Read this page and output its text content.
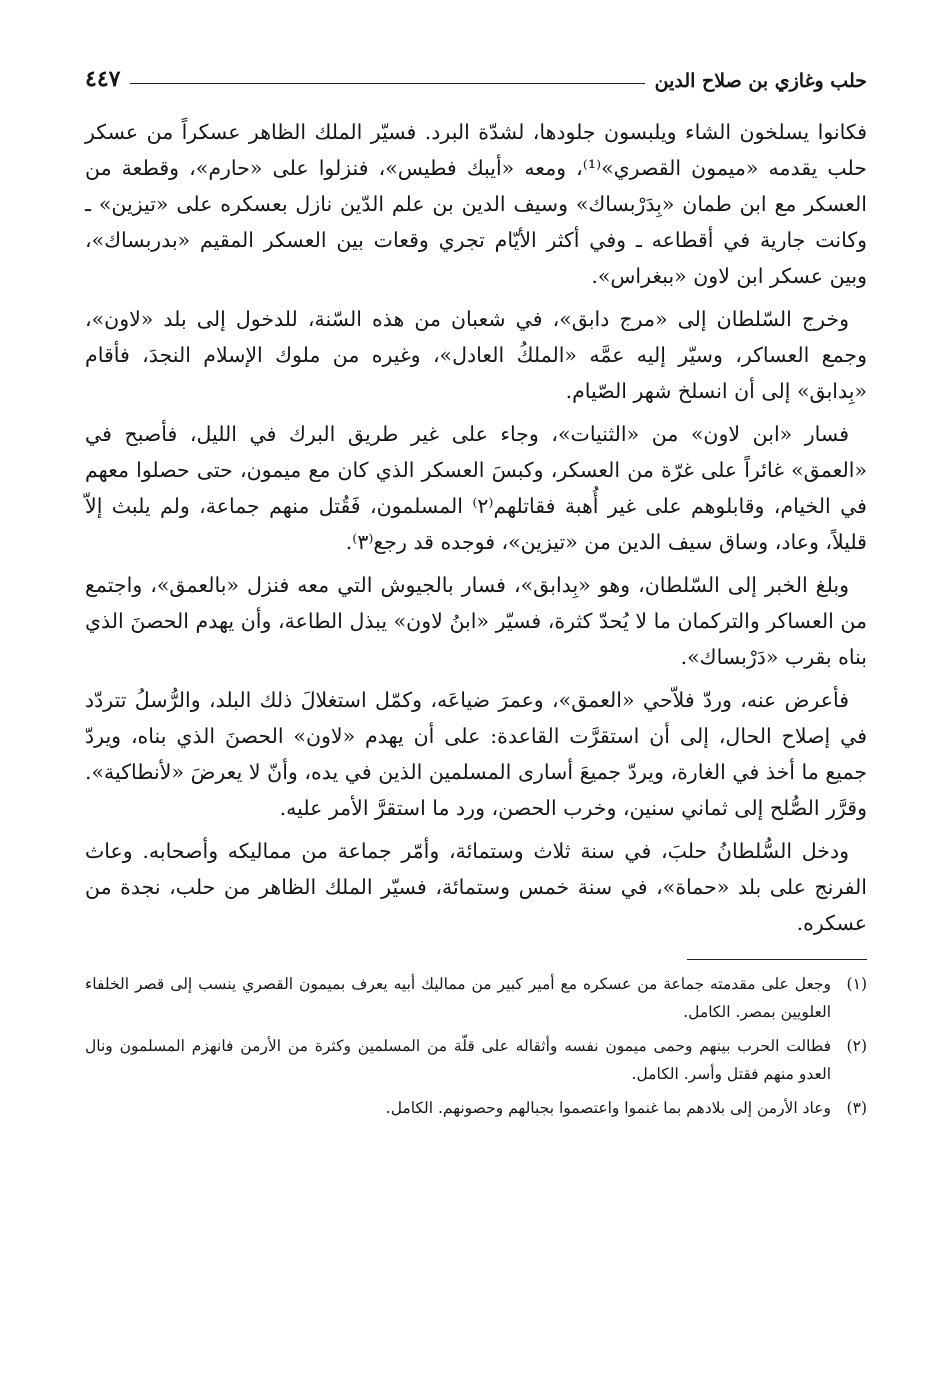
حلب وغازي بن صلاح الدين
٤٤٧

فكانوا يسلخون الشاء ويلبسون جلودها، لشدّة البرد. فسيّر الملك الظاهر عسكراً من عسكر حلب يقدمه «ميمون القصري»⁽¹⁾، ومعه «أيبك فطيس»، فنزلوا على «حارم»، وقطعة من العسكر مع ابن طمان «بِدَرْبساك» وسيف الدين بن علم الدّين نازل بعسكره على «تيزين» ـ وكانت جارية في أقطاعه ـ وفي أكثر الأيّام تجري وقعات بين العسكر المقيم «بدربساك»، وبين عسكر ابن لاون «ببغراس».

وخرج السّلطان إلى «مرج دابق»، في شعبان من هذه السّنة، للدخول إلى بلد «لاون»، وجمع العساكر، وسيّر إليه عمَّه «الملكُ العادل»، وغيره من ملوك الإسلام النجدَ، فأقام «بِدابق» إلى أن انسلخ شهر الصّيام.

فسار «ابن لاون» من «الثنيات»، وجاء على غير طريق البرك في الليل، فأصبح في «العمق» غائراً على غرّة من العسكر، وكبسَ العسكر الذي كان مع ميمون، حتى حصلوا معهم في الخيام، وقابلوهم على غير أُهبة فقاتلهم⁽٢⁾ المسلمون، فَقُتل منهم جماعة، ولم يلبث إلاّ قليلاً، وعاد، وساق سيف الدين من «تيزين»، فوجده قد رجع⁽٣⁾.

وبلغ الخبر إلى السّلطان، وهو «بِدابق»، فسار بالجيوش التي معه فنزل «بالعمق»، واجتمع من العساكر والتركمان ما لا يُحدّ كثرة، فسيّر «ابنُ لاون» يبذل الطاعة، وأن يهدم الحصنَ الذي بناه بقرب «دَرْبساك».

فأعرض عنه، وردّ فلاّحي «العمق»، وعمرَ ضياعَه، وكمّل استغلالَ ذلك البلد، والرُّسلُ تتردّد في إصلاح الحال، إلى أن استقرَّت القاعدة: على أن يهدم «لاون» الحصنَ الذي بناه، ويردّ جميع ما أخذ في الغارة، ويردّ جميعَ أسارى المسلمين الذين في يده، وأنّ لا يعرضَ «لأنطاكية». وقرَّر الصُّلح إلى ثماني سنين، وخرب الحصن، ورد ما استقرَّ الأمر عليه.

ودخل السُّلطانُ حلبَ، في سنة ثلاث وستمائة، وأمّر جماعة من مماليكه وأصحابه. وعاث الفرنج على بلد «حماة»، في سنة خمس وستمائة، فسيّر الملك الظاهر من حلب، نجدة من عسكره.

(١)
وجعل على مقدمته جماعة من عسكره مع أمير كبير من مماليك أبيه يعرف بميمون القصري ينسب إلى قصر الخلفاء العلويين بمصر. الكامل.
(٢)
فطالت الحرب بينهم وحمى ميمون نفسه وأثقاله على قلّة من المسلمين وكثرة من الأرمن فانهزم المسلمون ونال العدو منهم فقتل وأسر. الكامل.
(٣)
وعاد الأرمن إلى بلادهم بما غنموا واعتصموا بجبالهم وحصونهم. الكامل.
